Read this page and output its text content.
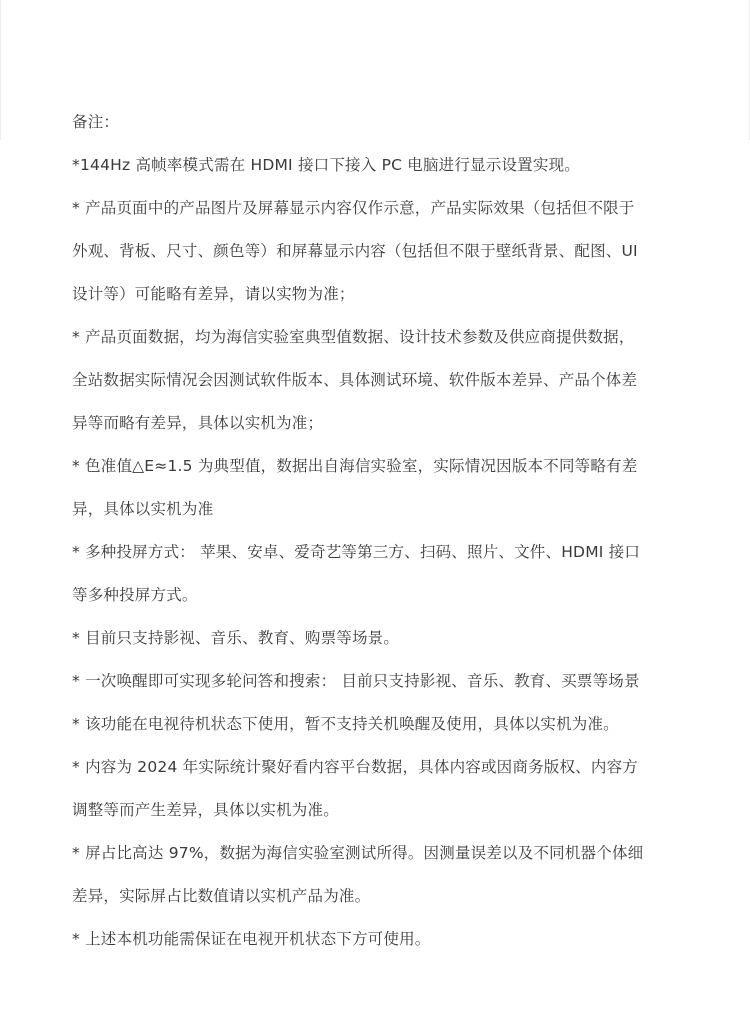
备注：
*144Hz 高帧率模式需在 HDMI 接口下接入 PC 电脑进行显示设置实现。
* 产品页面中的产品图片及屏幕显示内容仅作示意，产品实际效果（包括但不限于
外观、背板、尺寸、颜色等）和屏幕显示内容（包括但不限于壁纸背景、配图、UI
设计等）可能略有差异，请以实物为准；
* 产品页面数据，均为海信实验室典型值数据、设计技术参数及供应商提供数据，
全站数据实际情况会因测试软件版本、具体测试环境、软件版本差异、产品个体差
异等而略有差异，具体以实机为准；
* 色准值△E≈1.5 为典型值，数据出自海信实验室，实际情况因版本不同等略有差
异，具体以实机为准
* 多种投屏方式： 苹果、安卓、爱奇艺等第三方、扫码、照片、文件、HDMI 接口
等多种投屏方式。
* 目前只支持影视、音乐、教育、购票等场景。
* 一次唤醒即可实现多轮问答和搜索： 目前只支持影视、音乐、教育、买票等场景
* 该功能在电视待机状态下使用，暂不支持关机唤醒及使用，具体以实机为准。
* 内容为 2024 年实际统计聚好看内容平台数据，具体内容或因商务版权、内容方
调整等而产生差异，具体以实机为准。
* 屏占比高达 97%，数据为海信实验室测试所得。因测量误差以及不同机器个体细
差异，实际屏占比数值请以实机产品为准。
* 上述本机功能需保证在电视开机状态下方可使用。
